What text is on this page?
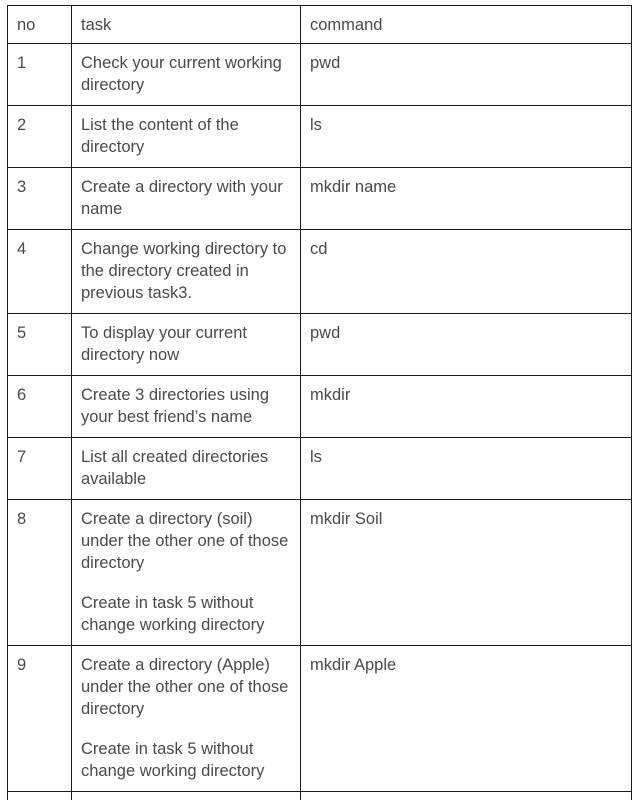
no	task	command
1	Check your current working directory	pwd
2	List the content of the directory	ls
3	Create a directory with your name	mkdir name
4	Change working directory to the directory created in previous task3.	cd
5	To display your current directory now	pwd
6	Create 3 directories using your best friend’s name	mkdir
7	List all created directories available	ls
8	Create a directory (soil) under the other one of those directory
Create in task 5 without change working directory	mkdir Soil
9	Create a directory (Apple) under the other one of those directory
Create in task 5 without change working directory	mkdir Apple
